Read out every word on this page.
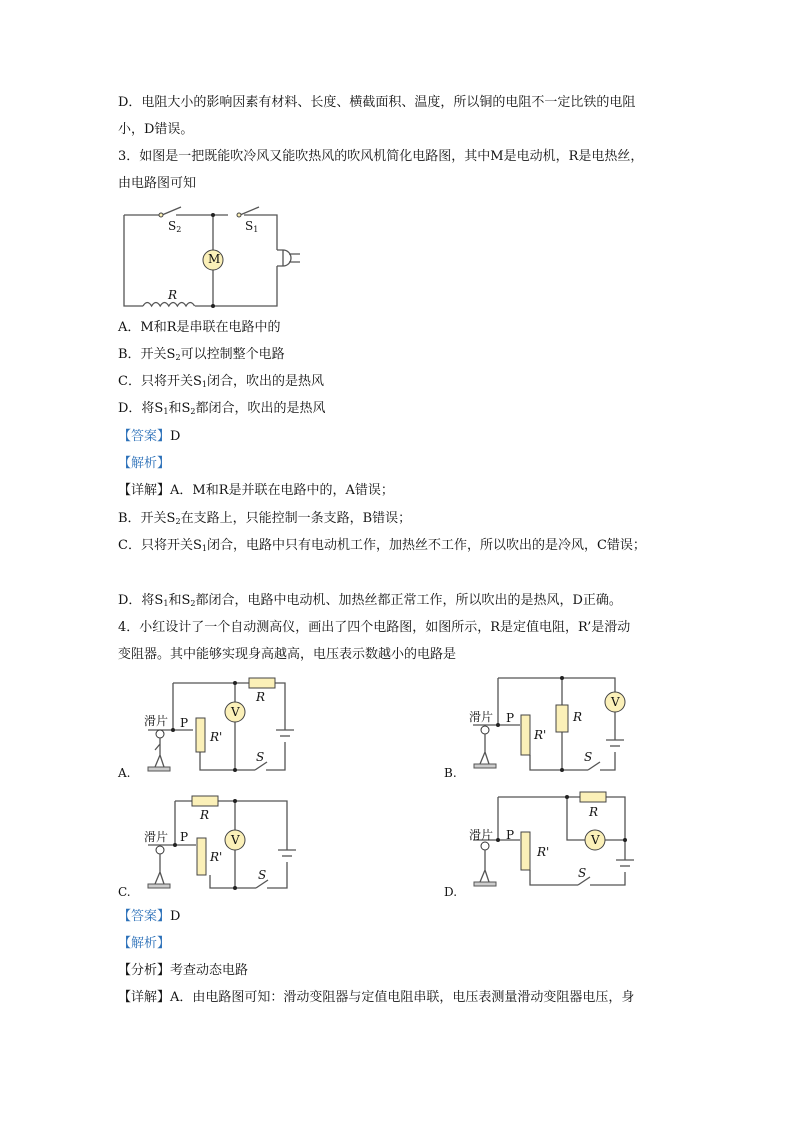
D．电阻大小的影响因素有材料、长度、横截面积、温度，所以铜的电阻不一定比铁的电阻
小，D错误。
3．如图是一把既能吹冷风又能吹热风的吹风机简化电路图，其中M是电动机，R是电热丝，
由电路图可知
$S_2$	$S_1$
M
R
A．M和R是串联在电路中的
B．开关$S_2$可以控制整个电路
C．只将开关$S_1$闭合，吹出的是热风
D．将$S_1$和$S_2$都闭合，吹出的是热风
【答案】D
【解析】
【详解】A．M和R是并联在电路中的，A错误；
B．开关$S_2$在支路上，只能控制一条支路，B错误；
C．只将开关$S_1$闭合，电路中只有电动机工作，加热丝不工作，所以吹出的是冷风，C错误；
D．将$S_1$和$S_2$都闭合，电路中电动机、加热丝都正常工作，所以吹出的是热风，D正确。
4．小红设计了一个自动测高仪，画出了四个电路图，如图所示，R是定值电阻，R’是滑动
变阻器。其中能够实现身高越高，电压表示数越小的电路是
滑片 P
R
R'
V
S
A.
滑片 P	R
R'
V
S
B.
滑片 P
R
R'
V
S
C.
滑片 P
R
R'
V
S
D.
【答案】D
【解析】
【分析】考查动态电路
【详解】A．由电路图可知：滑动变阻器与定值电阻串联，电压表测量滑动变阻器电压，身
